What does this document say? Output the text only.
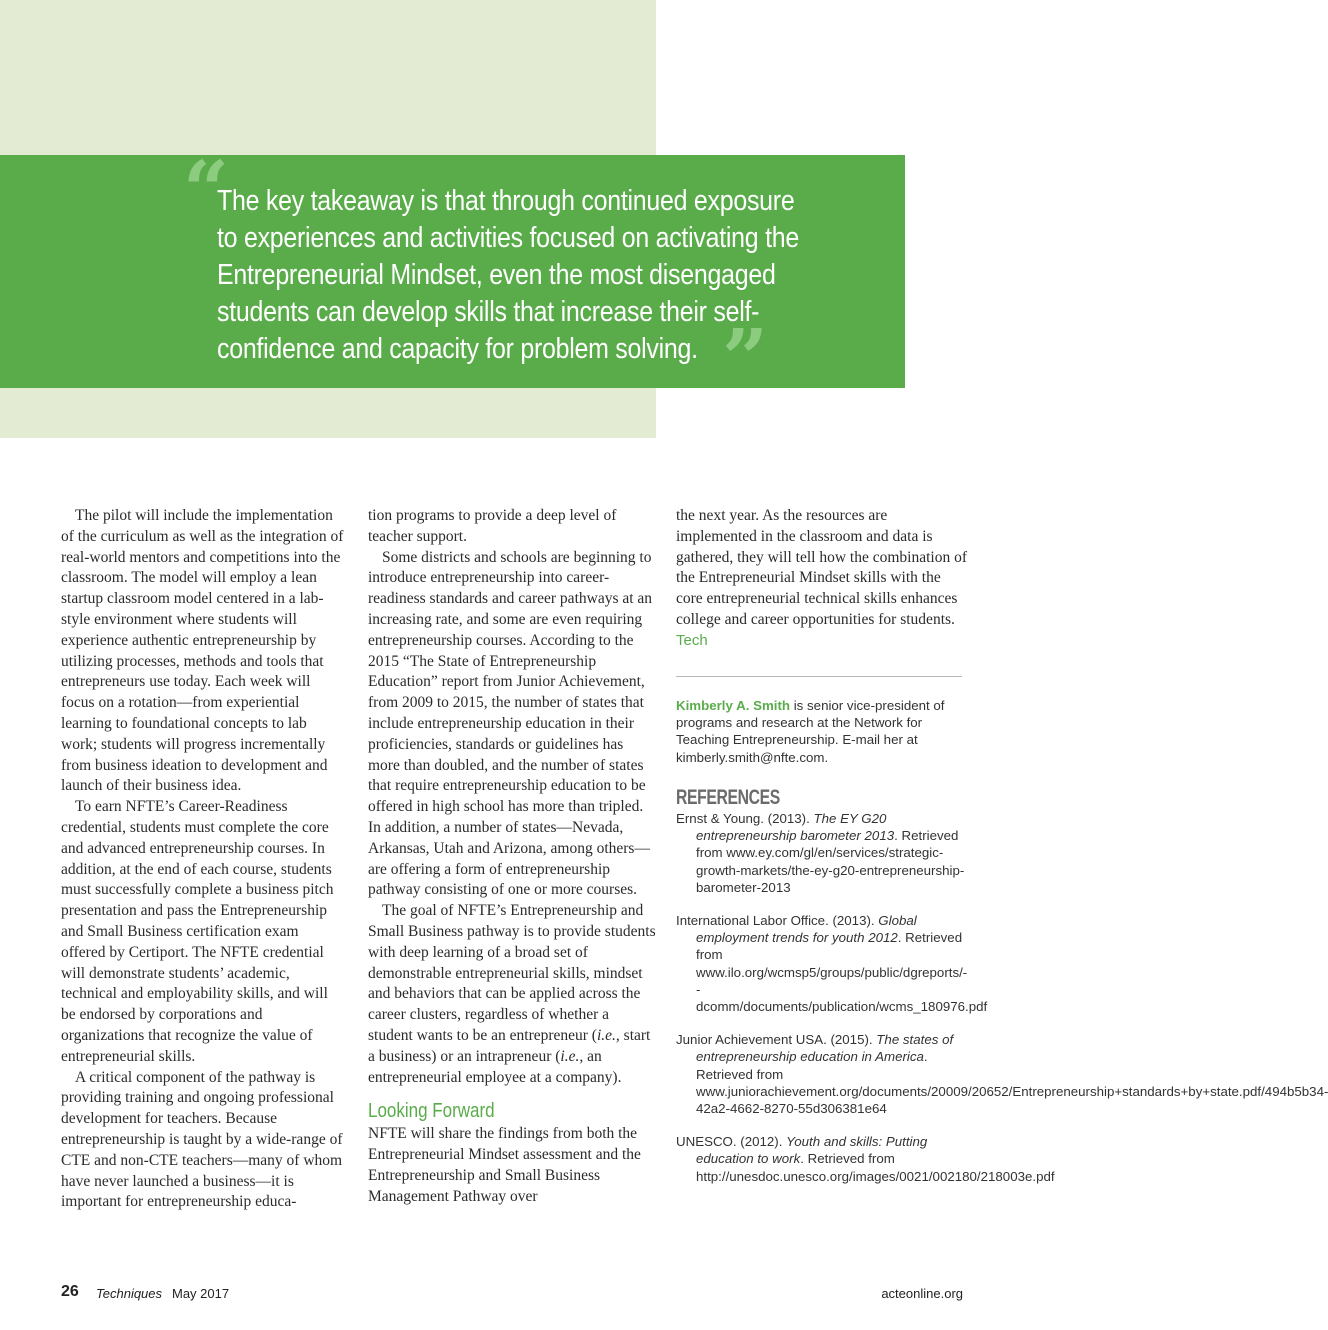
“
The key takeaway is that through continued exposure
to experiences and activities focused on activating the
Entrepreneurial Mindset, even the most disengaged
students can develop skills that increase their self-
confidence and capacity for problem solving. ”

The pilot will include the implementation of the curriculum as well as the integration of real-world mentors and competitions into the classroom. The model will employ a lean startup classroom model centered in a lab-style environment where students will experience authentic entrepreneurship by utilizing processes, methods and tools that entrepreneurs use today. Each week will focus on a rotation—from experiential learning to foundational concepts to lab work; students will progress incrementally from business ideation to development and launch of their business idea.

To earn NFTE’s Career-Readiness credential, students must complete the core and advanced entrepreneurship courses. In addition, at the end of each course, students must successfully complete a business pitch presentation and pass the Entrepreneurship and Small Business certification exam offered by Certiport. The NFTE credential will demonstrate students’ academic, technical and employability skills, and will be endorsed by corporations and organizations that recognize the value of entrepreneurial skills.

A critical component of the pathway is providing training and ongoing professional development for teachers. Because entrepreneurship is taught by a wide-range of CTE and non-CTE teachers—many of whom have never launched a business—it is important for entrepreneurship educa-

tion programs to provide a deep level of teacher support.

Some districts and schools are beginning to introduce entrepreneurship into career-readiness standards and career pathways at an increasing rate, and some are even requiring entrepreneurship courses. According to the 2015 “The State of Entrepreneurship Education” report from Junior Achievement, from 2009 to 2015, the number of states that include entrepreneurship education in their proficiencies, standards or guidelines has more than doubled, and the number of states that require entrepreneurship education to be offered in high school has more than tripled. In addition, a number of states—Nevada, Arkansas, Utah and Arizona, among others—are offering a form of entrepreneurship pathway consisting of one or more courses.

The goal of NFTE’s Entrepreneurship and Small Business pathway is to provide students with deep learning of a broad set of demonstrable entrepreneurial skills, mindset and behaviors that can be applied across the career clusters, regardless of whether a student wants to be an entrepreneur (i.e., start a business) or an intrapreneur (i.e., an entrepreneurial employee at a company).

Looking Forward

NFTE will share the findings from both the Entrepreneurial Mindset assessment and the Entrepreneurship and Small Business Management Pathway over

the next year. As the resources are implemented in the classroom and data is gathered, they will tell how the combination of the Entrepreneurial Mindset skills with the core entrepreneurial technical skills enhances college and career opportunities for students. Tech

Kimberly A. Smith is senior vice-president of programs and research at the Network for Teaching Entrepreneurship. E-mail her at kimberly.smith@nfte.com.
REFERENCES

Ernst & Young. (2013). The EY G20 entrepreneurship barometer 2013. Retrieved from www.ey.com/gl/en/services/strategic-growth-markets/the-ey-g20-entrepreneurship-barometer-2013

International Labor Office. (2013). Global employment trends for youth 2012. Retrieved from www.ilo.org/wcmsp5/groups/public/dgreports/--dcomm/documents/publication/wcms_180976.pdf

Junior Achievement USA. (2015). The states of entrepreneurship education in America. Retrieved from www.juniorachievement.org/documents/20009/20652/Entrepreneurship+standards+by+state.pdf/494b5b34-42a2-4662-8270-55d306381e64

UNESCO. (2012). Youth and skills: Putting education to work. Retrieved from http://unesdoc.unesco.org/images/0021/002180/218003e.pdf

26 Techniques May 2017	acteonline.org
